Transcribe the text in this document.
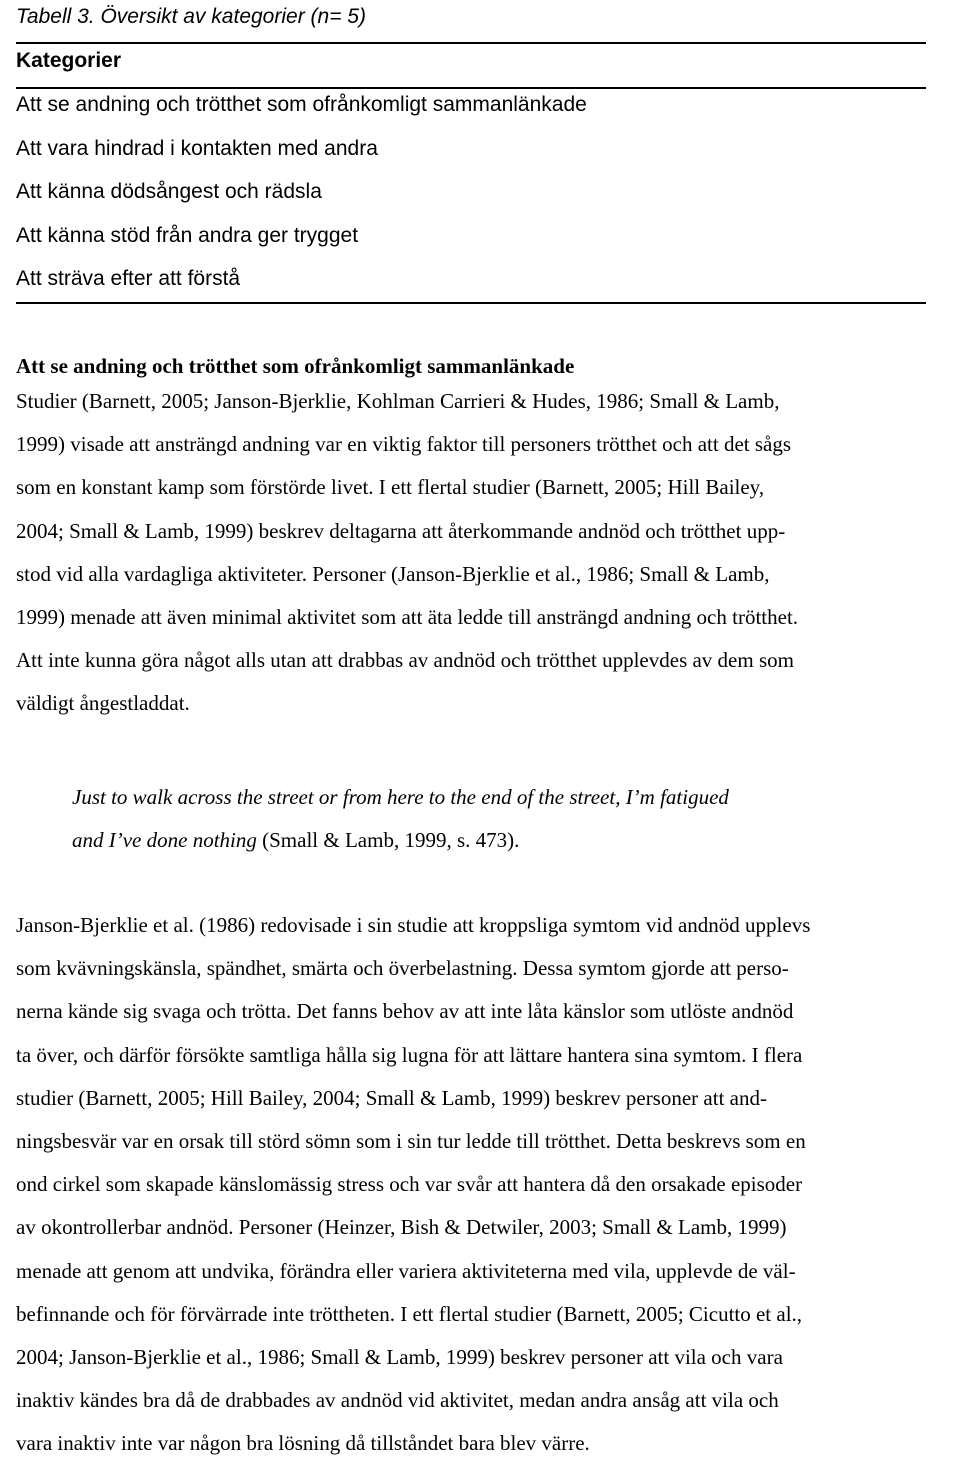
Tabell 3. Översikt av kategorier (n= 5)
Kategorier
Att se andning och trötthet som ofrånkomligt sammanlänkade
Att vara hindrad i kontakten med andra
Att känna dödsångest och rädsla
Att känna stöd från andra ger trygget
Att sträva efter att förstå
Att se andning och trötthet som ofrånkomligt sammanlänkade

Studier (Barnett, 2005; Janson-Bjerklie, Kohlman Carrieri & Hudes, 1986; Small & Lamb,
1999) visade att ansträngd andning var en viktig faktor till personers trötthet och att det sågs
som en konstant kamp som förstörde livet. I ett flertal studier (Barnett, 2005; Hill Bailey,
2004; Small & Lamb, 1999) beskrev deltagarna att återkommande andnöd och trötthet upp-
stod vid alla vardagliga aktiviteter. Personer (Janson-Bjerklie et al., 1986; Small & Lamb,
1999) menade att även minimal aktivitet som att äta ledde till ansträngd andning och trötthet.
Att inte kunna göra något alls utan att drabbas av andnöd och trötthet upplevdes av dem som
väldigt ångestladdat.

Just to walk across the street or from here to the end of the street, I’m fatigued
and I’ve done nothing (Small & Lamb, 1999, s. 473).

Janson-Bjerklie et al. (1986) redovisade i sin studie att kroppsliga symtom vid andnöd upplevs
som kvävningskänsla, spändhet, smärta och överbelastning. Dessa symtom gjorde att perso-
nerna kände sig svaga och trötta. Det fanns behov av att inte låta känslor som utlöste andnöd
ta över, och därför försökte samtliga hålla sig lugna för att lättare hantera sina symtom. I flera
studier (Barnett, 2005; Hill Bailey, 2004; Small & Lamb, 1999) beskrev personer att and-
ningsbesvär var en orsak till störd sömn som i sin tur ledde till trötthet. Detta beskrevs som en
ond cirkel som skapade känslomässig stress och var svår att hantera då den orsakade episoder
av okontrollerbar andnöd. Personer (Heinzer, Bish & Detwiler, 2003; Small & Lamb, 1999)
menade att genom att undvika, förändra eller variera aktiviteterna med vila, upplevde de väl-
befinnande och för förvärrade inte tröttheten. I ett flertal studier (Barnett, 2005; Cicutto et al.,
2004; Janson-Bjerklie et al., 1986; Small & Lamb, 1999) beskrev personer att vila och vara
inaktiv kändes bra då de drabbades av andnöd vid aktivitet, medan andra ansåg att vila och
vara inaktiv inte var någon bra lösning då tillståndet bara blev värre.
